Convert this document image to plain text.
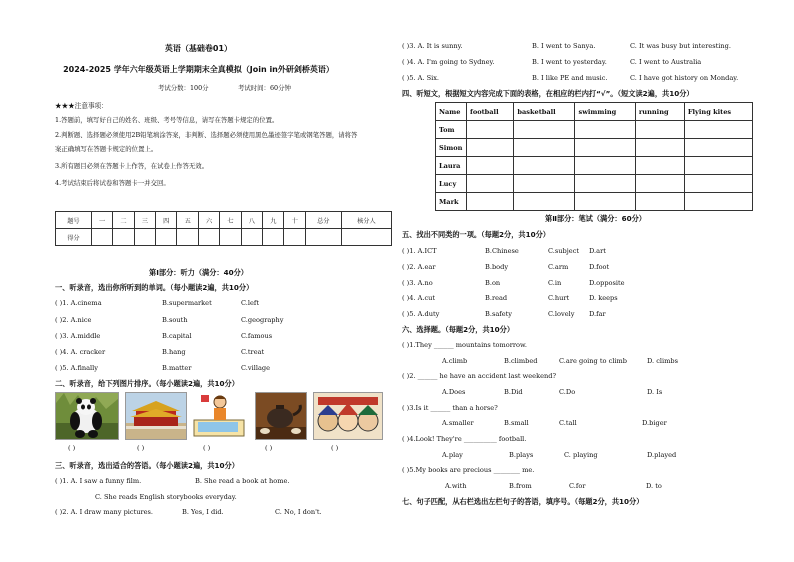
英语（基础卷01）
2024-2025 学年六年级英语上学期期末全真模拟（Join in外研剑桥英语）
考试分数：100分	考试时间：60分钟
★★★注意事项：
1.答题前，填写好自己的姓名、班级、考号等信息，请写在答题卡规定的位置。
2.判断题、选择题必须使用2B铅笔填涂答案，非判断、选择题必须使用黑色墨迹签字笔或钢笔答题，请将答
案正确填写在答题卡规定的位置上。
3.所有题目必须在答题卡上作答，在试卷上作答无效。
4.考试结束后将试卷和答题卡一并交回。
题号	一	二	三	四	五	六	七	八	九	十	总分	核分人
得分												
第Ⅰ部分：听力（满分：40分）
一、听录音，选出你所听到的单词。（每小题读2遍，共10分）
( )1. A.cinema	B.supermarket	C.left
( )2. A.nice	B.south	C.geography
( )3. A.middle	B.capital	C.famous
( )4. A. cracker	B.hang	C.treat
( )5. A.finally	B.matter	C.village
二、听录音，给下列图片排序。（每小题读2遍，共10分）
( )	( )	( )	( )	( )
三、听录音，选出适合的答语。（每小题读2遍，共10分）
( )1. A. I saw a funny film.	B. She read a book at home.
C. She reads English storybooks everyday.
( )2. A. I draw many pictures.	B. Yes, I did.	C. No, I don't.
( )3. A. It is sunny.	B. I went to Sanya.	C. It was busy but interesting.
( )4. A. I'm going to Sydney.	B. I went to yesterday.	C. I went to Australia
( )5. A. Six.	B. I like PE and music.	C. I have got history on Monday.
四、听短文，根据短文内容完成下面的表格，在相应的栏内打“√”。（短文读2遍，共10分）
Name	football	basketball	swimming	running	Flying kites
Tom					
Simon					
Laura					
Lucy					
Mark					
第Ⅱ部分：笔试（满分：60分）
五、找出不同类的一项。（每题2分，共10分）
( )1. A.ICT	B.Chinese	C.subject D.art
( )2. A.ear	B.body	C.arm	D.foot
( )3. A.no	B.on	C.in	D.opposite
( )4. A.cut	B.read	C.hurt	D. keeps
( )5. A.duty	B.safety	C.lovely D.far
六、选择题。（每题2分，共10分）
( )1.They ______ mountains tomorrow.
A.climb	B.climbed	C.are going to climb	D. climbs
( )2. ______ he have an accident last weekend?
A.Does	B.Did	C.Do	D. Is
( )3.Is it ______ than a horse?
A.smaller	B.small	C.tall	D.biger
( )4.Look! They're __________ football.
A.play	B.plays	C. playing	D.played
( )5.My books are precious ________ me.
A.with	B.from	C.for	D. to
七、句子匹配，从右栏选出左栏句子的答语，填序号。（每题2分，共10分）
